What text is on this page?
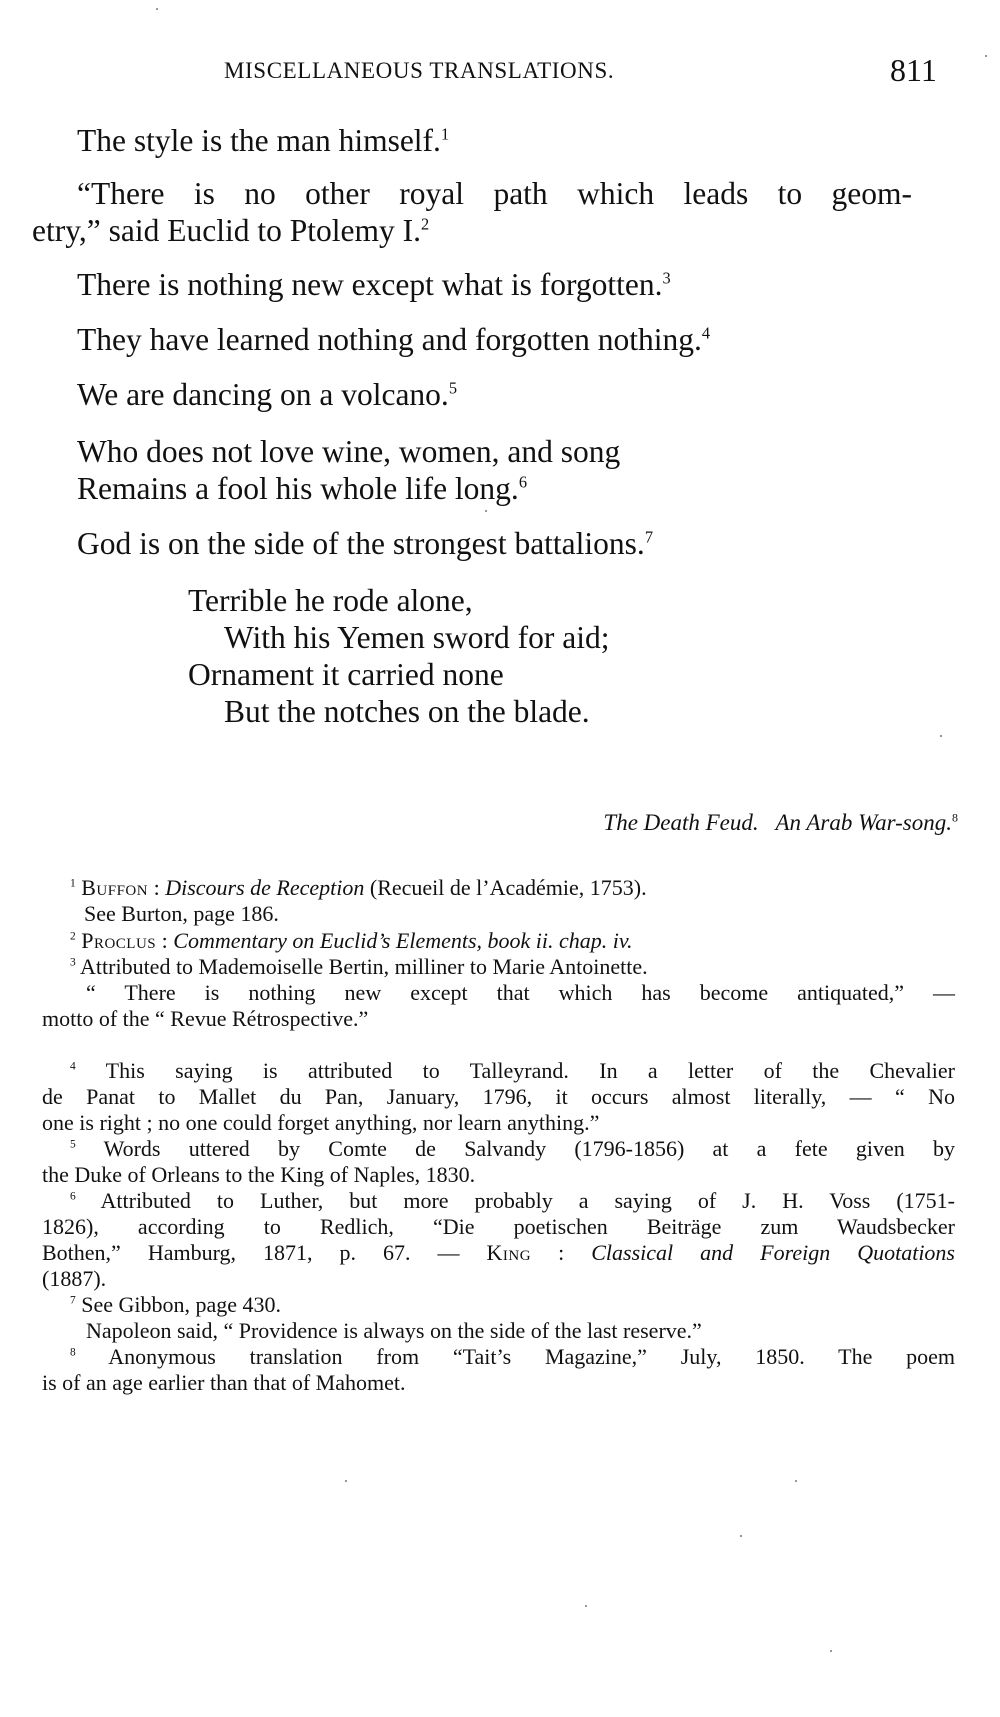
MISCELLANEOUS TRANSLATIONS.	811
The style is the man himself.$^1$
“There is no other royal path which leads to geom-
etry,” said Euclid to Ptolemy I.$^2$
There is nothing new except what is forgotten.$^3$
They have learned nothing and forgotten nothing.$^4$
We are dancing on a volcano.$^5$
Who does not love wine, women, and song
Remains a fool his whole life long.$^6$
God is on the side of the strongest battalions.$^7$
Terrible he rode alone,
With his Yemen sword for aid;
Ornament it carried none
But the notches on the blade.
The Death Feud. An Arab War-song.$^8$
$^1$ Buffon : Discours de Reception (Recueil de l’Académie, 1753).
See Burton, page 186.
$^2$ Proclus : Commentary on Euclid’s Elements, book ii. chap. iv.
$^3$ Attributed to Mademoiselle Bertin, milliner to Marie Antoinette.
“ There is nothing new except that which has become antiquated,” —
motto of the “ Revue Rétrospective.”
$^4$ This saying is attributed to Talleyrand. In a letter of the Chevalier
de Panat to Mallet du Pan, January, 1796, it occurs almost literally, — “ No
one is right ; no one could forget anything, nor learn anything.”
$^5$ Words uttered by Comte de Salvandy (1796-1856) at a fete given by
the Duke of Orleans to the King of Naples, 1830.
$^6$ Attributed to Luther, but more probably a saying of J. H. Voss (1751-
1826), according to Redlich, “Die poetischen Beiträge zum Waudsbecker
Bothen,” Hamburg, 1871, p. 67. — King : Classical and Foreign Quotations
(1887).
$^7$ See Gibbon, page 430.
Napoleon said, “ Providence is always on the side of the last reserve.”
$^8$ Anonymous translation from “Tait’s Magazine,” July, 1850. The poem
is of an age earlier than that of Mahomet.
